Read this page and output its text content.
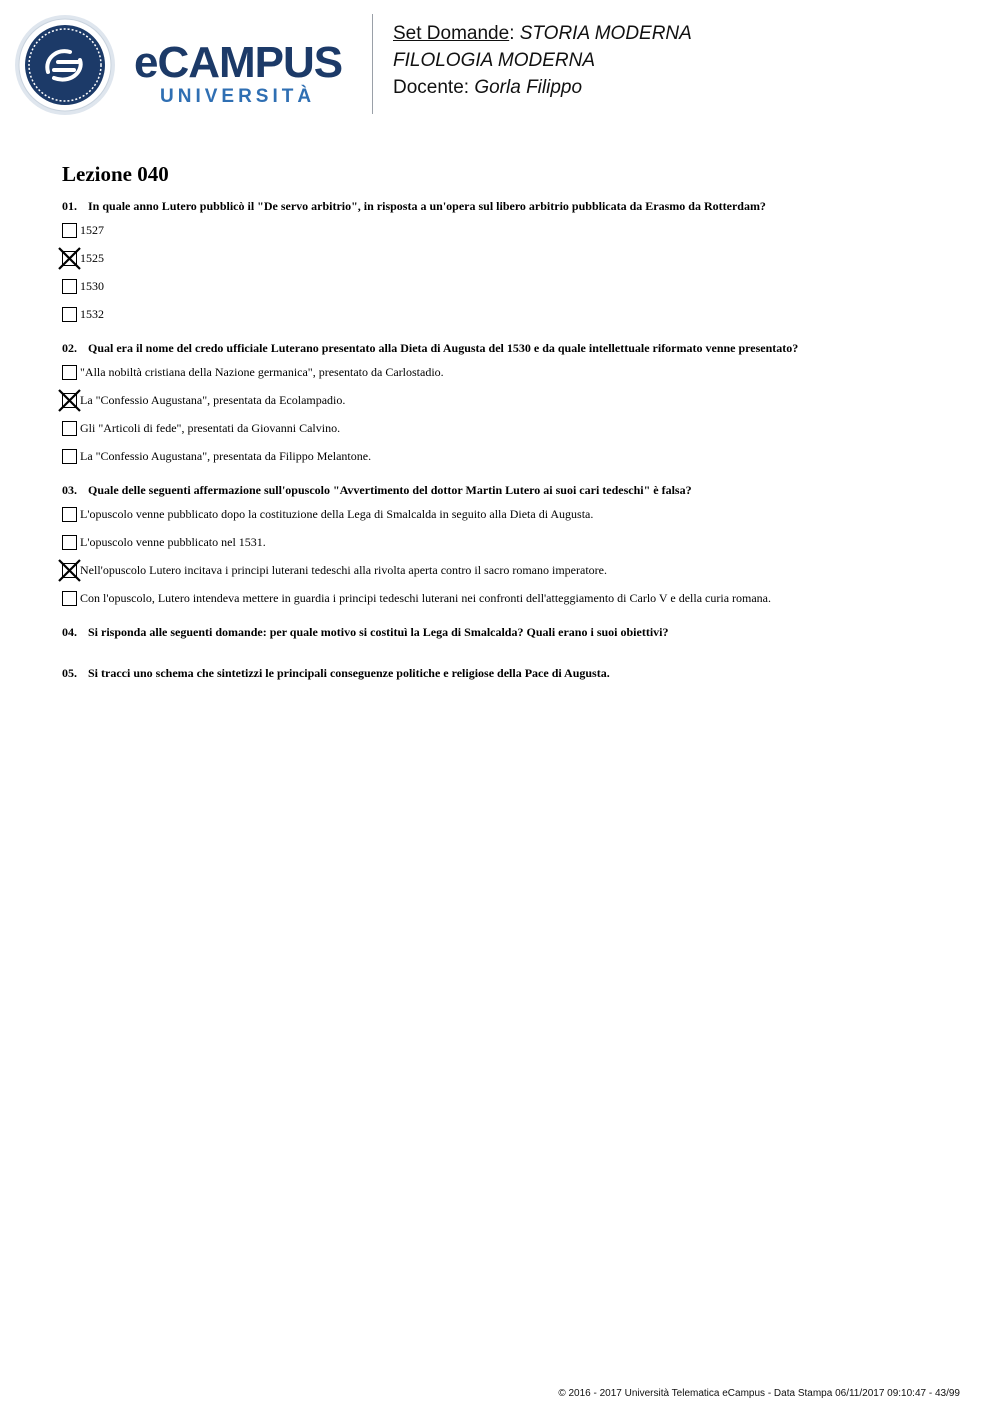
eCAMPUS
UNIVERSITÀ
Set Domande: STORIA MODERNA
FILOLOGIA MODERNA
Docente: Gorla Filippo
Lezione 040
01. In quale anno Lutero pubblicò il "De servo arbitrio", in risposta a un'opera sul libero arbitrio pubblicata da Erasmo da Rotterdam?
1527
1525
1530
1532
02. Qual era il nome del credo ufficiale Luterano presentato alla Dieta di Augusta del 1530 e da quale intellettuale riformato venne presentato?
"Alla nobiltà cristiana della Nazione germanica", presentato da Carlostadio.
La "Confessio Augustana", presentata da Ecolampadio.
Gli "Articoli di fede", presentati da Giovanni Calvino.
La "Confessio Augustana", presentata da Filippo Melantone.
03. Quale delle seguenti affermazione sull'opuscolo "Avvertimento del dottor Martin Lutero ai suoi cari tedeschi" è falsa?
L'opuscolo venne pubblicato dopo la costituzione della Lega di Smalcalda in seguito alla Dieta di Augusta.
L'opuscolo venne pubblicato nel 1531.
Nell'opuscolo Lutero incitava i principi luterani tedeschi alla rivolta aperta contro il sacro romano imperatore.
Con l'opuscolo, Lutero intendeva mettere in guardia i principi tedeschi luterani nei confronti dell'atteggiamento di Carlo V e della curia romana.
04. Si risponda alle seguenti domande: per quale motivo si costituì la Lega di Smalcalda? Quali erano i suoi obiettivi?
05. Si tracci uno schema che sintetizzi le principali conseguenze politiche e religiose della Pace di Augusta.
© 2016 - 2017 Università Telematica eCampus - Data Stampa 06/11/2017 09:10:47 - 43/99
